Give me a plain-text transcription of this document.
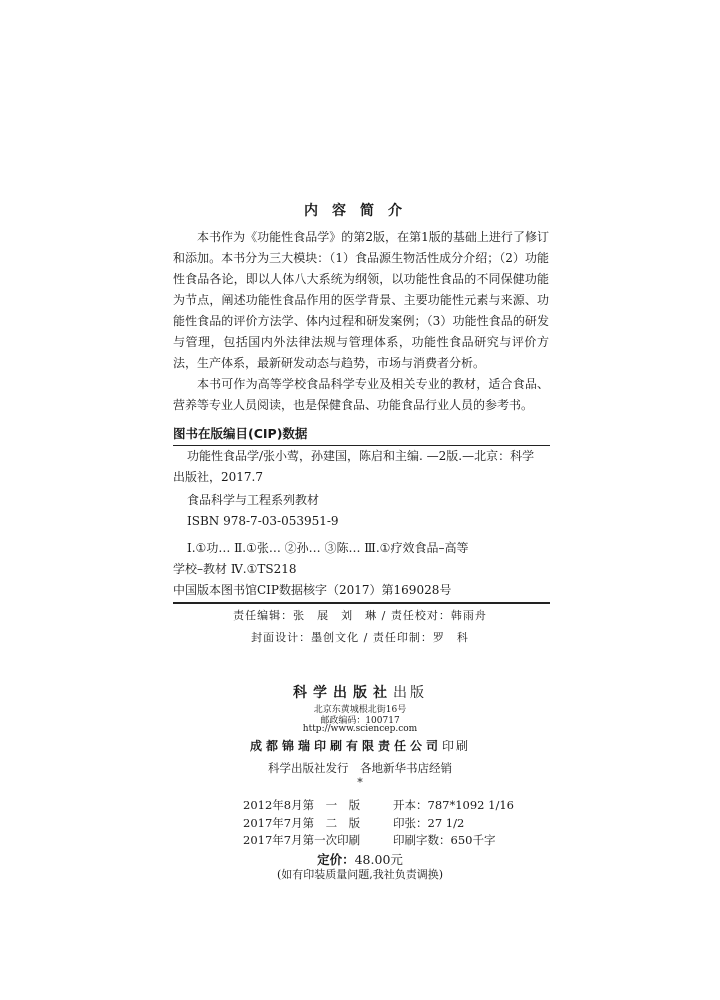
内容简介

本书作为《功能性食品学》的第2版，在第1版的基础上进行了修订和添加。本书分为三大模块：（1）食品源生物活性成分介绍；（2）功能性食品各论，即以人体八大系统为纲领，以功能性食品的不同保健功能为节点，阐述功能性食品作用的医学背景、主要功能性元素与来源、功能性食品的评价方法学、体内过程和研发案例；（3）功能性食品的研发与管理，包括国内外法律法规与管理体系，功能性食品研究与评价方法，生产体系，最新研发动态与趋势，市场与消费者分析。

本书可作为高等学校食品科学专业及相关专业的教材，适合食品、营养等专业人员阅读，也是保健食品、功能食品行业人员的参考书。

图书在版编目(CIP)数据
功能性食品学/张小莺，孙建国，陈启和主编. —2版.—北京：科学
出版社，2017.7
食品科学与工程系列教材
ISBN 978-7-03-053951-9
Ⅰ.①功… Ⅱ.①张… ②孙… ③陈… Ⅲ.①疗效食品–高等
学校–教材 Ⅳ.①TS218
中国版本图书馆CIP数据核字（2017）第169028号
责任编辑：张　展　刘　琳 / 责任校对：韩雨舟
封面设计：墨创文化 / 责任印制：罗　科
科学出版社出版
北京东黄城根北街16号
邮政编码：100717
http://www.sciencep.com
成都锦瑞印刷有限责任公司印刷
科学出版社发行　各地新华书店经销
*
2012年8月第　一　版	开本：787*1092 1/16
2017年7月第　二　版	印张：27 1/2
2017年7月第一次印刷	印刷字数：650千字
定价：48.00元
(如有印装质量问题,我社负责调换)
